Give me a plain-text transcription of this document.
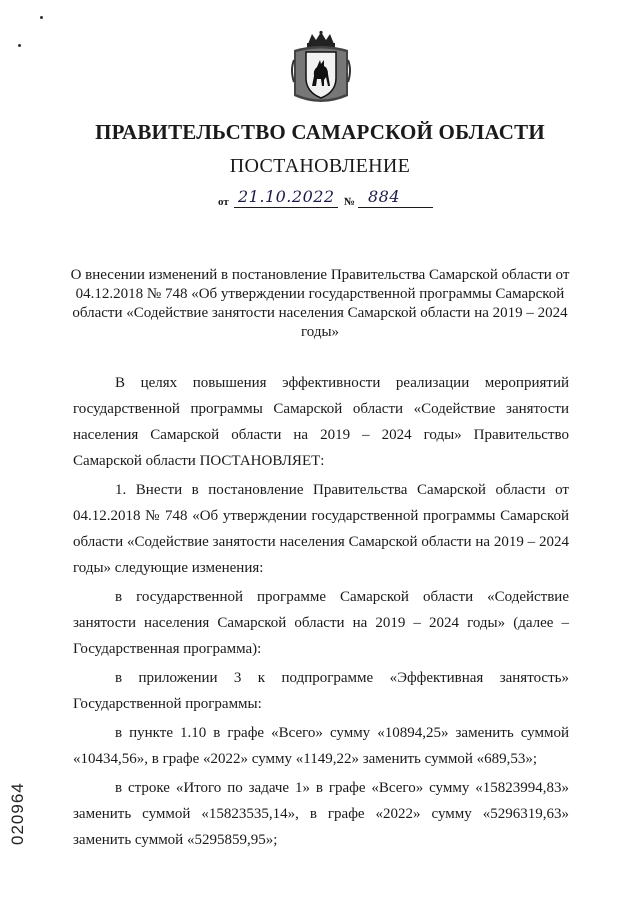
ПРАВИТЕЛЬСТВО САМАРСКОЙ ОБЛАСТИ
ПОСТАНОВЛЕНИЕ
от 21.10.2022 № 884
О внесении изменений в постановление Правительства Самарской области от 04.12.2018 № 748 «Об утверждении государственной программы Самарской области «Содействие занятости населения Самарской области на 2019 – 2024 годы»

В целях повышения эффективности реализации мероприятий государственной программы Самарской области «Содействие занятости населения Самарской области на 2019 – 2024 годы» Правительство Самарской области ПОСТАНОВЛЯЕТ:

1. Внести в постановление Правительства Самарской области от 04.12.2018 № 748 «Об утверждении государственной программы Самарской области «Содействие занятости населения Самарской области на 2019 – 2024 годы» следующие изменения:

в государственной программе Самарской области «Содействие занятости населения Самарской области на 2019 – 2024 годы» (далее – Государственная программа):

в приложении 3 к подпрограмме «Эффективная занятость» Государственной программы:

в пункте 1.10 в графе «Всего» сумму «10894,25» заменить суммой «10434,56», в графе «2022» сумму «1149,22» заменить суммой «689,53»;

в строке «Итого по задаче 1» в графе «Всего» сумму «15823994,83» заменить суммой «15823535,14», в графе «2022» сумму «5296319,63» заменить суммой «5295859,95»;

020964
